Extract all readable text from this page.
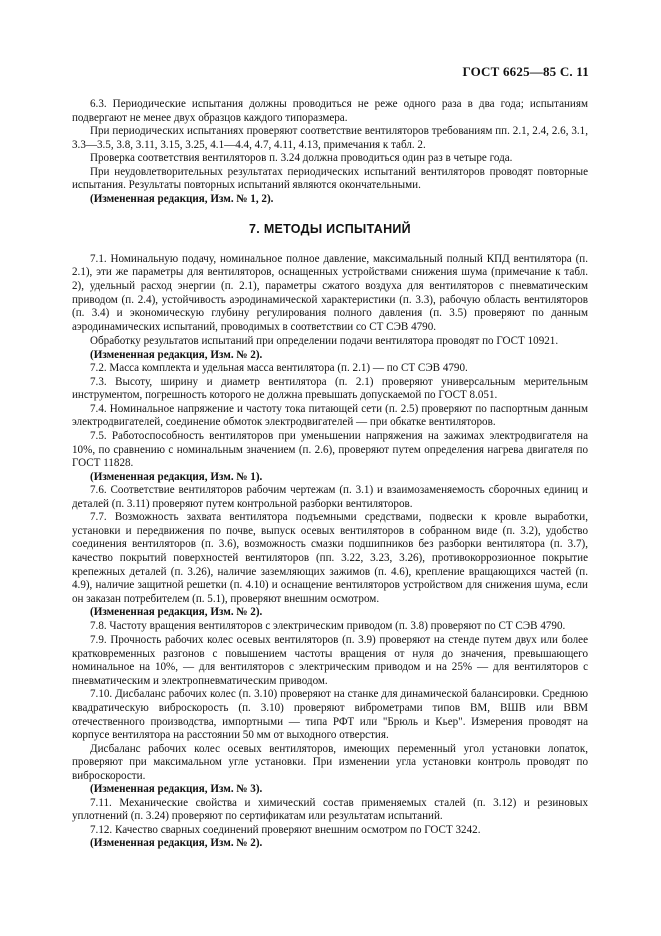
ГОСТ 6625—85 С. 11

6.3. Периодические испытания должны проводиться не реже одного раза в два года; испытаниям подвергают не менее двух образцов каждого типоразмера.

При периодических испытаниях проверяют соответствие вентиляторов требованиям пп. 2.1, 2.4, 2.6, 3.1, 3.3—3.5, 3.8, 3.11, 3.15, 3.25, 4.1—4.4, 4.7, 4.11, 4.13, примечания к табл. 2.

Проверка соответствия вентиляторов п. 3.24 должна проводиться один раз в четыре года.

При неудовлетворительных результатах периодических испытаний вентиляторов проводят повторные испытания. Результаты повторных испытаний являются окончательными.

(Измененная редакция, Изм. № 1, 2).

7. МЕТОДЫ ИСПЫТАНИЙ

7.1. Номинальную подачу, номинальное полное давление, максимальный полный КПД вентилятора (п. 2.1), эти же параметры для вентиляторов, оснащенных устройствами снижения шума (примечание к табл. 2), удельный расход энергии (п. 2.1), параметры сжатого воздуха для вентиляторов с пневматическим приводом (п. 2.4), устойчивость аэродинамической характеристики (п. 3.3), рабочую область вентиляторов (п. 3.4) и экономическую глубину регулирования полного давления (п. 3.5) проверяют по данным аэродинамических испытаний, проводимых в соответствии со СТ СЭВ 4790.

Обработку результатов испытаний при определении подачи вентилятора проводят по ГОСТ 10921.

(Измененная редакция, Изм. № 2).

7.2. Масса комплекта и удельная масса вентилятора (п. 2.1) — по СТ СЭВ 4790.

7.3. Высоту, ширину и диаметр вентилятора (п. 2.1) проверяют универсальным мерительным инструментом, погрешность которого не должна превышать допускаемой по ГОСТ 8.051.

7.4. Номинальное напряжение и частоту тока питающей сети (п. 2.5) проверяют по паспортным данным электродвигателей, соединение обмоток электродвигателей — при обкатке вентиляторов.

7.5. Работоспособность вентиляторов при уменьшении напряжения на зажимах электродвигателя на 10%, по сравнению с номинальным значением (п. 2.6), проверяют путем определения нагрева двигателя по ГОСТ 11828.

(Измененная редакция, Изм. № 1).

7.6. Соответствие вентиляторов рабочим чертежам (п. 3.1) и взаимозаменяемость сборочных единиц и деталей (п. 3.11) проверяют путем контрольной разборки вентиляторов.

7.7. Возможность захвата вентилятора подъемными средствами, подвески к кровле выработки, установки и передвижения по почве, выпуск осевых вентиляторов в собранном виде (п. 3.2), удобство соединения вентиляторов (п. 3.6), возможность смазки подшипников без разборки вентилятора (п. 3.7), качество покрытий поверхностей вентиляторов (пп. 3.22, 3.23, 3.26), противокоррозионное покрытие крепежных деталей (п. 3.26), наличие заземляющих зажимов (п. 4.6), крепление вращающихся частей (п. 4.9), наличие защитной решетки (п. 4.10) и оснащение вентиляторов устройством для снижения шума, если он заказан потребителем (п. 5.1), проверяют внешним осмотром.

(Измененная редакция, Изм. № 2).

7.8. Частоту вращения вентиляторов с электрическим приводом (п. 3.8) проверяют по СТ СЭВ 4790.

7.9. Прочность рабочих колес осевых вентиляторов (п. 3.9) проверяют на стенде путем двух или более кратковременных разгонов с повышением частоты вращения от нуля до значения, превышающего номинальное на 10%, — для вентиляторов с электрическим приводом и на 25% — для вентиляторов с пневматическим и электропневматическим приводом.

7.10. Дисбаланс рабочих колес (п. 3.10) проверяют на станке для динамической балансировки. Среднюю квадратическую виброскорость (п. 3.10) проверяют виброметрами типов ВМ, ВШВ или ВВМ отечественного производства, импортными — типа РФТ или "Брюль и Кьер". Измерения проводят на корпусе вентилятора на расстоянии 50 мм от выходного отверстия.

Дисбаланс рабочих колес осевых вентиляторов, имеющих переменный угол установки лопаток, проверяют при максимальном угле установки. При изменении угла установки контроль проводят по виброскорости.

(Измененная редакция, Изм. № 3).

7.11. Механические свойства и химический состав применяемых сталей (п. 3.12) и резиновых уплотнений (п. 3.24) проверяют по сертификатам или результатам испытаний.

7.12. Качество сварных соединений проверяют внешним осмотром по ГОСТ 3242.

(Измененная редакция, Изм. № 2).
